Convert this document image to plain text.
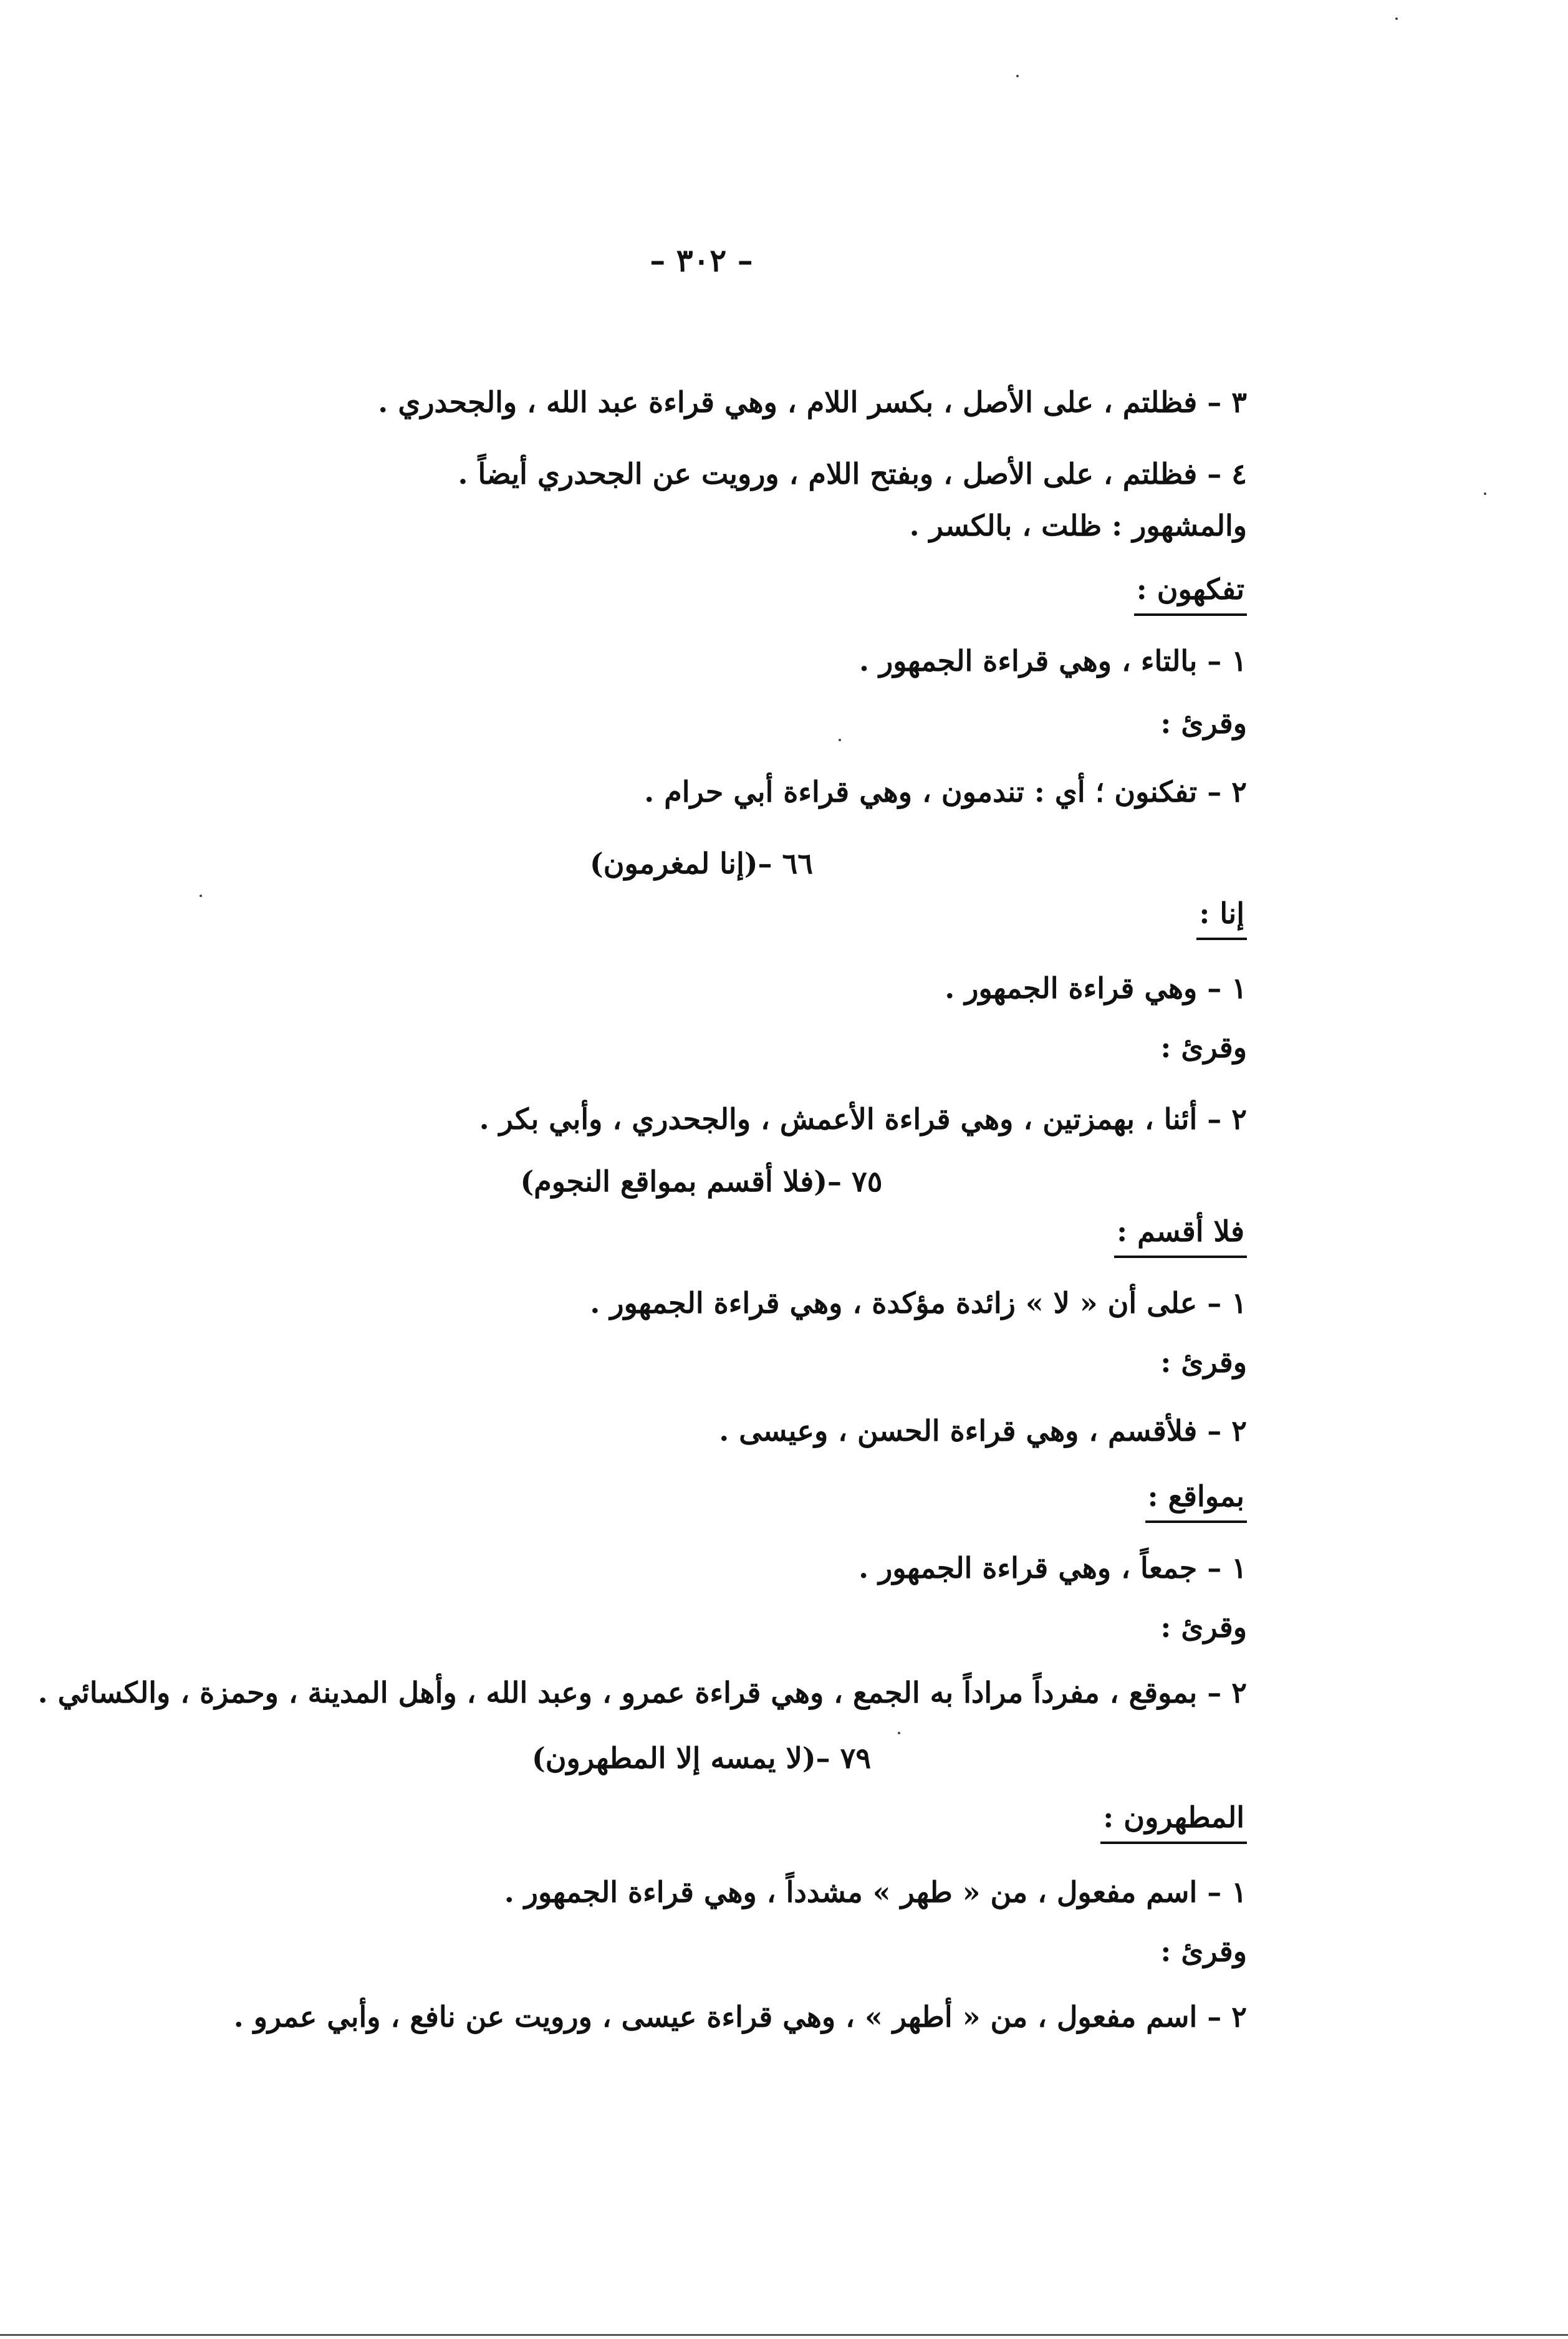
– ٣٠٢ –
٣ – فظلتم ، على الأصل ، بكسر اللام ، وهي قراءة عبد الله ، والجحدري .
٤ – فظلتم ، على الأصل ، وبفتح اللام ، ورويت عن الجحدري أيضاً .
والمشهور : ظلت ، بالكسر .
تفكهون :
١ – بالتاء ، وهي قراءة الجمهور .
وقرئ :
٢ – تفكنون ؛ أي : تندمون ، وهي قراءة أبي حرام .
٦٦ –(إنا لمغرمون)
إنا :
١ – وهي قراءة الجمهور .
وقرئ :
٢ – أئنا ، بهمزتين ، وهي قراءة الأعمش ، والجحدري ، وأبي بكر .
٧٥ –(فلا أقسم بمواقع النجوم)
فلا أقسم :
١ – على أن « لا » زائدة مؤكدة ، وهي قراءة الجمهور .
وقرئ :
٢ – فلأقسم ، وهي قراءة الحسن ، وعيسى .
بمواقع :
١ – جمعاً ، وهي قراءة الجمهور .
وقرئ :
٢ – بموقع ، مفرداً مراداً به الجمع ، وهي قراءة عمرو ، وعبد الله ، وأهل المدينة ، وحمزة ، والكسائي .
٧٩ –(لا يمسه إلا المطهرون)
المطهرون :
١ – اسم مفعول ، من « طهر » مشدداً ، وهي قراءة الجمهور .
وقرئ :
٢ – اسم مفعول ، من « أطهر » ، وهي قراءة عيسى ، ورويت عن نافع ، وأبي عمرو .
